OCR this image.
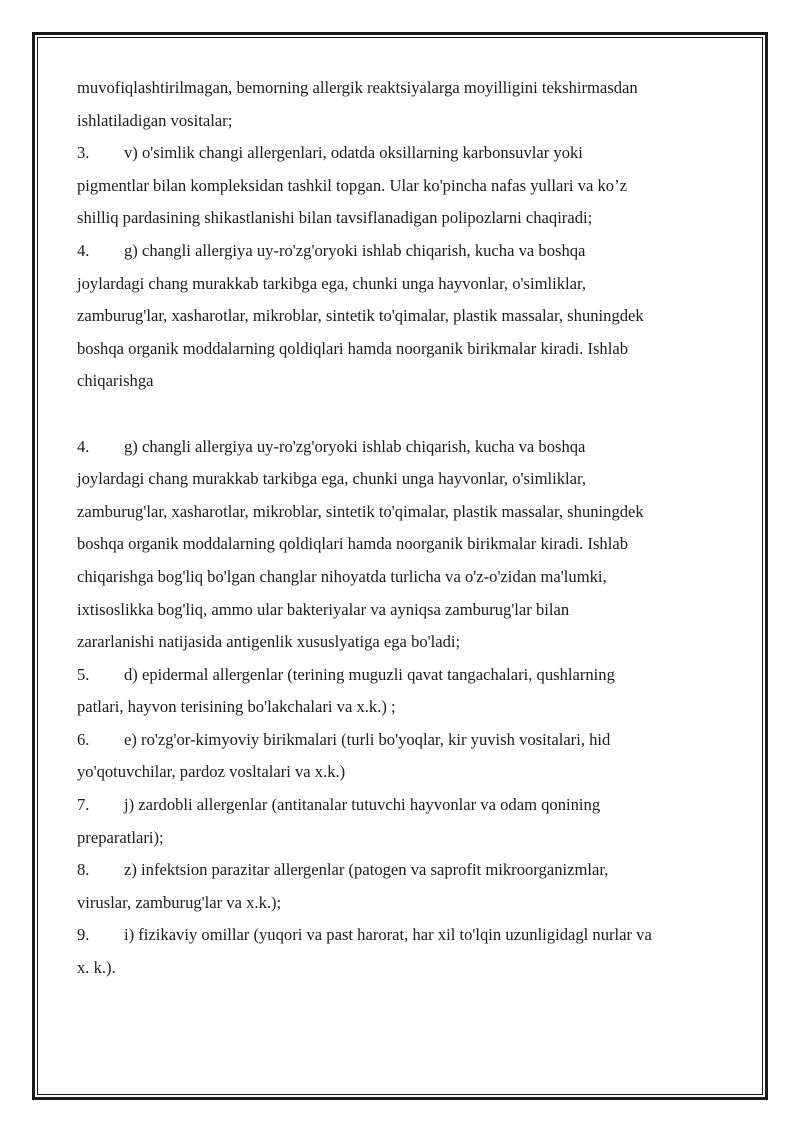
muvofiqlashtirilmagan, bemorning allergik reaktsiyalarga moyilligini tekshirmasdan
ishlatiladigan vositalar;
3. v) o'simlik changi allergenlari, odatda oksillarning karbonsuvlar yoki
pigmentlar bilan kompleksidan tashkil topgan. Ular ko'pincha nafas yullari va ko’z
shilliq pardasining shikastlanishi bilan tavsiflanadigan polipozlarni chaqiradi;
4. g) changli allergiya uy-ro'zg'oryoki ishlab chiqarish, kucha va boshqa
joylardagi chang murakkab tarkibga ega, chunki unga hayvonlar, o'simliklar,
zamburug'lar, xasharotlar, mikroblar, sintetik to'qimalar, plastik massalar, shuningdek
boshqa organik moddalarning qoldiqlari hamda noorganik birikmalar kiradi. Ishlab
chiqarishga
4. g) changli allergiya uy-ro'zg'oryoki ishlab chiqarish, kucha va boshqa
joylardagi chang murakkab tarkibga ega, chunki unga hayvonlar, o'simliklar,
zamburug'lar, xasharotlar, mikroblar, sintetik to'qimalar, plastik massalar, shuningdek
boshqa organik moddalarning qoldiqlari hamda noorganik birikmalar kiradi. Ishlab
chiqarishga bog'liq bo'lgan changlar nihoyatda turlicha va o'z-o'zidan ma'lumki,
ixtisoslikka bog'liq, ammo ular bakteriyalar va ayniqsa zamburug'lar bilan
zararlanishi natijasida antigenlik xususlyatiga ega bo'ladi;
5. d) epidermal allergenlar (terining muguzli qavat tangachalari, qushlarning
patlari, hayvon terisining bo'lakchalari va x.k.) ;
6. e) ro'zg'or-kimyoviy birikmalari (turli bo'yoqlar, kir yuvish vositalari, hid
yo'qotuvchilar, pardoz vosltalari va x.k.)
7. j) zardobli allergenlar (antitanalar tutuvchi hayvonlar va odam qonining
preparatlari);
8. z) infektsion parazitar allergenlar (patogen va saprofit mikroorganizmlar,
viruslar, zamburug'lar va x.k.);
9. i) fizikaviy omillar (yuqori va past harorat, har xil to'lqin uzunligidagl nurlar va
x. k.).
